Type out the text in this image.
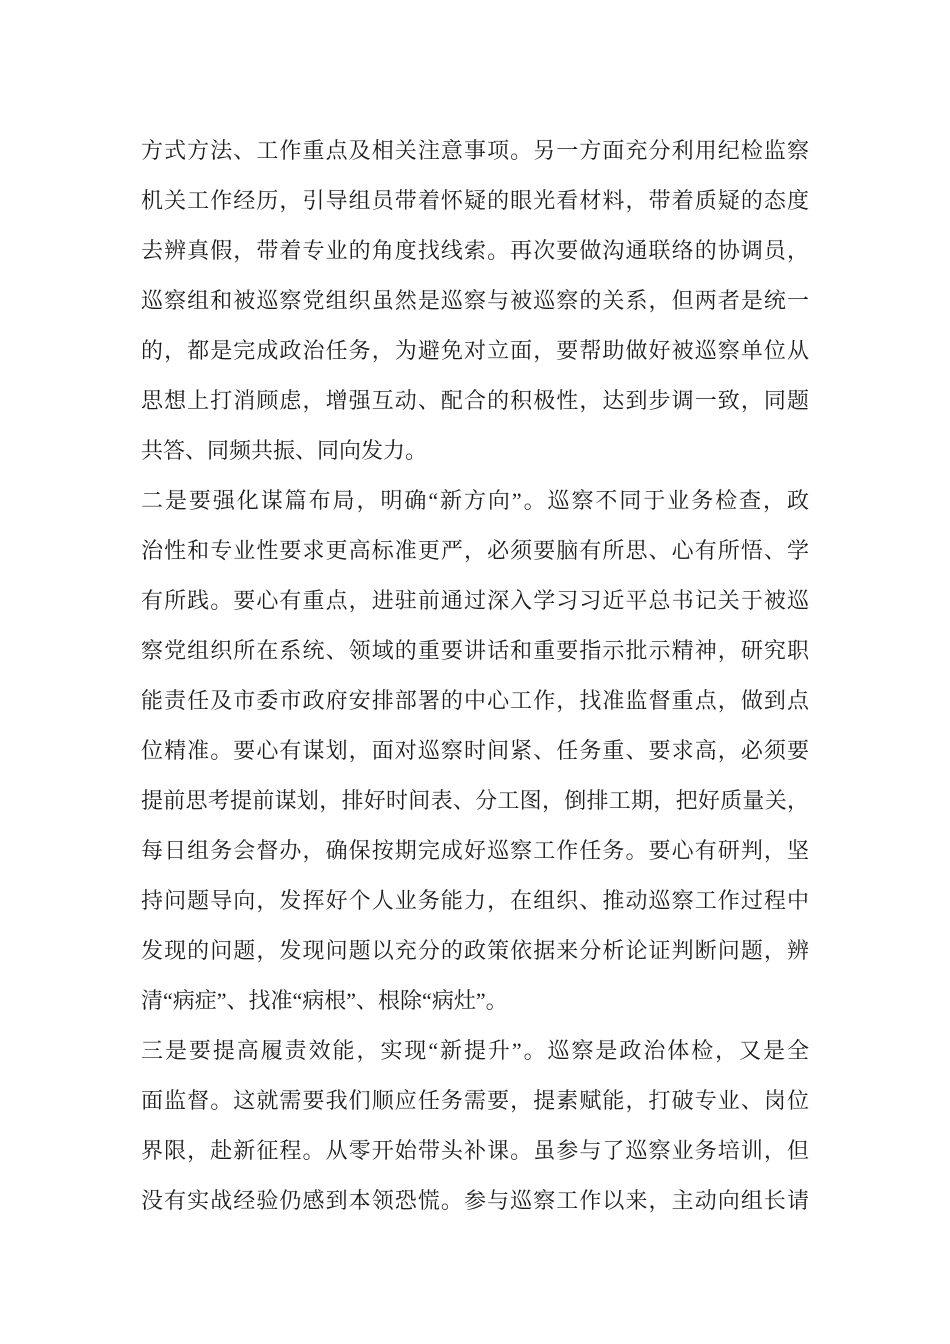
方式方法、工作重点及相关注意事项。另一方面充分利用纪检监察
机关工作经历，引导组员带着怀疑的眼光看材料，带着质疑的态度
去辨真假，带着专业的角度找线索。再次要做沟通联络的协调员，
巡察组和被巡察党组织虽然是巡察与被巡察的关系，但两者是统一
的，都是完成政治任务，为避免对立面，要帮助做好被巡察单位从
思想上打消顾虑，增强互动、配合的积极性，达到步调一致，同题
共答、同频共振、同向发力。
二是要强化谋篇布局，明确“新方向”。巡察不同于业务检查，政
治性和专业性要求更高标准更严，必须要脑有所思、心有所悟、学
有所践。要心有重点，进驻前通过深入学习习近平总书记关于被巡
察党组织所在系统、领域的重要讲话和重要指示批示精神，研究职
能责任及市委市政府安排部署的中心工作，找准监督重点，做到点
位精准。要心有谋划，面对巡察时间紧、任务重、要求高，必须要
提前思考提前谋划，排好时间表、分工图，倒排工期，把好质量关，
每日组务会督办，确保按期完成好巡察工作任务。要心有研判，坚
持问题导向，发挥好个人业务能力，在组织、推动巡察工作过程中
发现的问题，发现问题以充分的政策依据来分析论证判断问题，辨
清“病症”、找准“病根”、根除“病灶”。
三是要提高履责效能，实现“新提升”。巡察是政治体检，又是全
面监督。这就需要我们顺应任务需要，提素赋能，打破专业、岗位
界限，赴新征程。从零开始带头补课。虽参与了巡察业务培训，但
没有实战经验仍感到本领恐慌。参与巡察工作以来，主动向组长请
